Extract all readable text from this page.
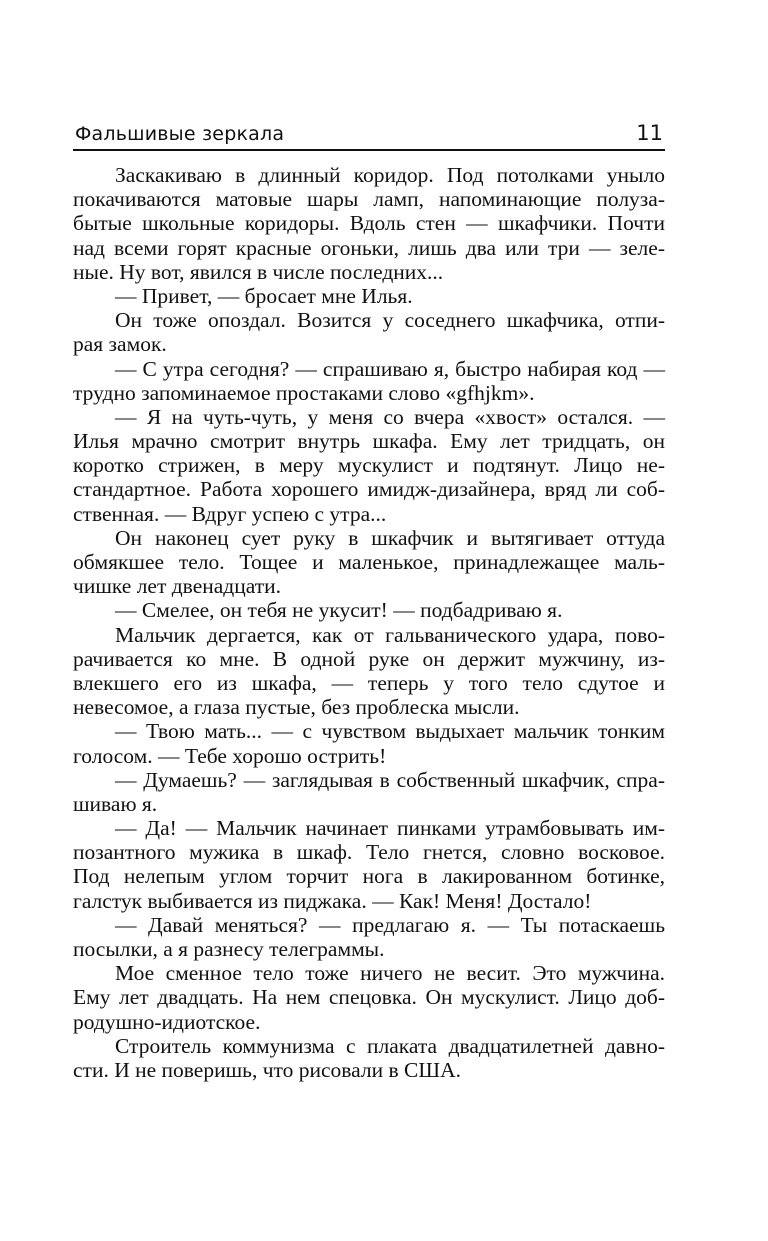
Фальшивые зеркала	11
Заскакиваю в длинный коридор. Под потолками уныло
покачиваются матовые шары ламп, напоминающие полуза-
бытые школьные коридоры. Вдоль стен — шкафчики. Почти
над всеми горят красные огоньки, лишь два или три — зеле-
ные. Ну вот, явился в числе последних...
— Привет, — бросает мне Илья.
Он тоже опоздал. Возится у соседнего шкафчика, отпи-
рая замок.
— С утра сегодня? — спрашиваю я, быстро набирая код —
трудно запоминаемое простаками слово «gfhjkm».
— Я на чуть-чуть, у меня со вчера «хвост» остался. —
Илья мрачно смотрит внутрь шкафа. Ему лет тридцать, он
коротко стрижен, в меру мускулист и подтянут. Лицо не-
стандартное. Работа хорошего имидж-дизайнера, вряд ли соб-
ственная. — Вдруг успею с утра...
Он наконец сует руку в шкафчик и вытягивает оттуда
обмякшее тело. Тощее и маленькое, принадлежащее маль-
чишке лет двенадцати.
— Смелее, он тебя не укусит! — подбадриваю я.
Мальчик дергается, как от гальванического удара, пово-
рачивается ко мне. В одной руке он держит мужчину, из-
влекшего его из шкафа, — теперь у того тело сдутое и
невесомое, а глаза пустые, без проблеска мысли.
— Твою мать... — с чувством выдыхает мальчик тонким
голосом. — Тебе хорошо острить!
— Думаешь? — заглядывая в собственный шкафчик, спра-
шиваю я.
— Да! — Мальчик начинает пинками утрамбовывать им-
позантного мужика в шкаф. Тело гнется, словно восковое.
Под нелепым углом торчит нога в лакированном ботинке,
галстук выбивается из пиджака. — Как! Меня! Достало!
— Давай меняться? — предлагаю я. — Ты потаскаешь
посылки, а я разнесу телеграммы.
Мое сменное тело тоже ничего не весит. Это мужчина.
Ему лет двадцать. На нем спецовка. Он мускулист. Лицо доб-
родушно-идиотское.
Строитель коммунизма с плаката двадцатилетней давно-
сти. И не поверишь, что рисовали в США.
